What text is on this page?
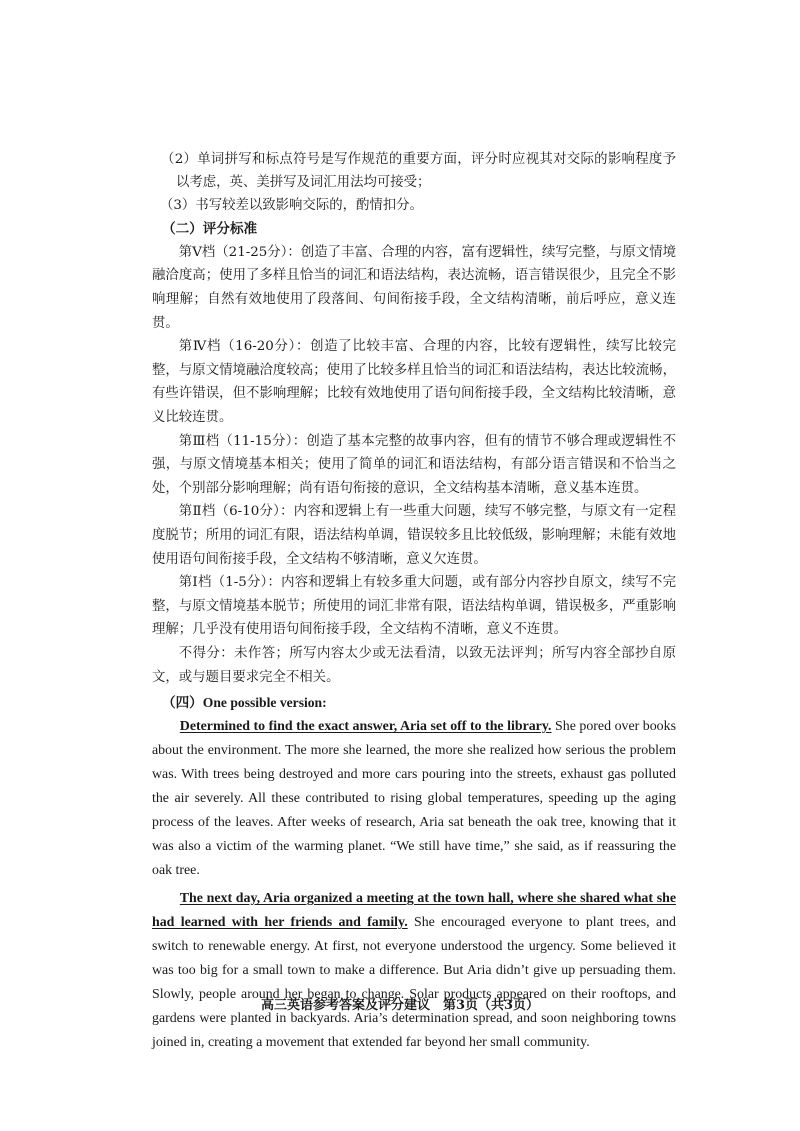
（2）单词拼写和标点符号是写作规范的重要方面，评分时应视其对交际的影响程度予以考虑，英、美拼写及词汇用法均可接受；

（3）书写较差以致影响交际的，酌情扣分。

（二）评分标准

第Ⅴ档（21-25分）：创造了丰富、合理的内容，富有逻辑性，续写完整，与原文情境融洽度高；使用了多样且恰当的词汇和语法结构，表达流畅，语言错误很少，且完全不影响理解；自然有效地使用了段落间、句间衔接手段，全文结构清晰，前后呼应，意义连贯。

第Ⅳ档（16-20分）：创造了比较丰富、合理的内容，比较有逻辑性，续写比较完整，与原文情境融洽度较高；使用了比较多样且恰当的词汇和语法结构，表达比较流畅，有些许错误，但不影响理解；比较有效地使用了语句间衔接手段，全文结构比较清晰，意义比较连贯。

第Ⅲ档（11-15分）：创造了基本完整的故事内容，但有的情节不够合理或逻辑性不强，与原文情境基本相关；使用了简单的词汇和语法结构，有部分语言错误和不恰当之处，个别部分影响理解；尚有语句衔接的意识，全文结构基本清晰，意义基本连贯。

第Ⅱ档（6-10分）：内容和逻辑上有一些重大问题，续写不够完整，与原文有一定程度脱节；所用的词汇有限，语法结构单调，错误较多且比较低级，影响理解；未能有效地使用语句间衔接手段，全文结构不够清晰，意义欠连贯。

第Ⅰ档（1-5分）：内容和逻辑上有较多重大问题，或有部分内容抄自原文，续写不完整，与原文情境基本脱节；所使用的词汇非常有限，语法结构单调，错误极多，严重影响理解；几乎没有使用语句间衔接手段，全文结构不清晰，意义不连贯。

不得分：未作答；所写内容太少或无法看清，以致无法评判；所写内容全部抄自原文，或与题目要求完全不相关。

（四）One possible version:

Determined to find the exact answer, Aria set off to the library. She pored over books about the environment. The more she learned, the more she realized how serious the problem was. With trees being destroyed and more cars pouring into the streets, exhaust gas polluted the air severely. All these contributed to rising global temperatures, speeding up the aging process of the leaves. After weeks of research, Aria sat beneath the oak tree, knowing that it was also a victim of the warming planet. “We still have time,” she said, as if reassuring the oak tree.

The next day, Aria organized a meeting at the town hall, where she shared what she had learned with her friends and family. She encouraged everyone to plant trees, and switch to renewable energy. At first, not everyone understood the urgency. Some believed it was too big for a small town to make a difference. But Aria didn’t give up persuading them. Slowly, people around her began to change. Solar products appeared on their rooftops, and gardens were planted in backyards. Aria’s determination spread, and soon neighboring towns joined in, creating a movement that extended far beyond her small community.

高三英语参考答案及评分建议　第3页（共3页）
